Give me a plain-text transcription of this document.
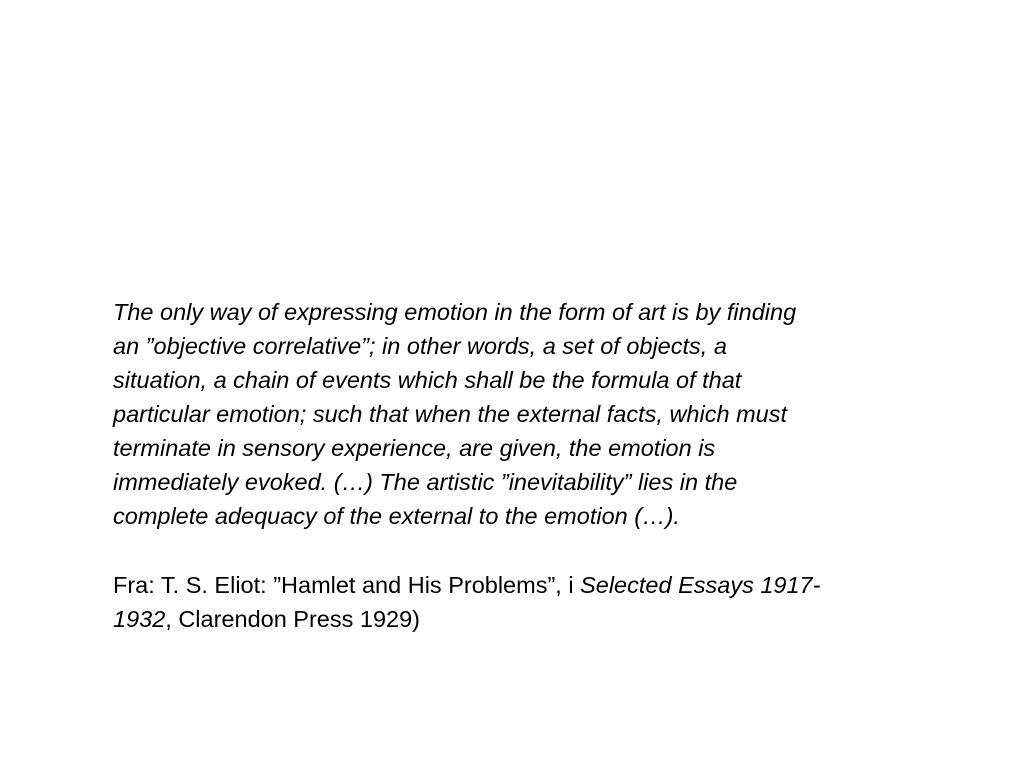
The only way of expressing emotion in the form of art is by finding
an ”objective correlative”; in other words, a set of objects, a
situation, a chain of events which shall be the formula of that
particular emotion; such that when the external facts, which must
terminate in sensory experience, are given, the emotion is
immediately evoked. (…) The artistic ”inevitability” lies in the
complete adequacy of the external to the emotion (…).
Fra: T. S. Eliot: ”Hamlet and His Problems”, i Selected Essays 1917-
1932, Clarendon Press 1929)
